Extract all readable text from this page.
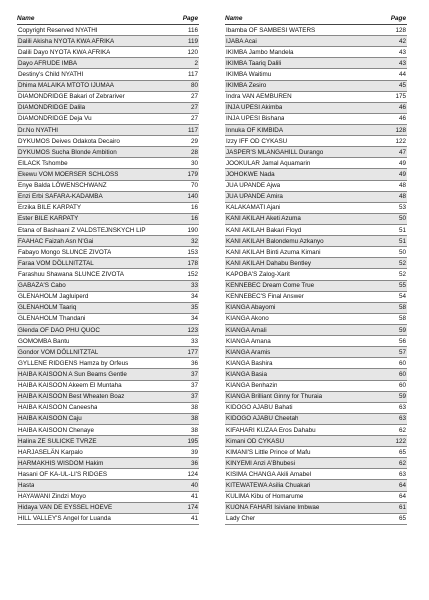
Name	Page
Copyright Reserved NYATHI	116
Dalili Akisha NYOTA KWA AFRIKA	119
Dalili Dayo NYOTA KWA AFRIKA	120
Dayo AFRUDE IMBA	2
Destiny's Child NYATHI	117
Dhima MALAIKA MTOTO IJUMAA	80
DIAMONDRIDGE Bakari of Zebrariver	27
DIAMONDRIDGE Dalila	27
DIAMONDRIDGE Deja Vu	27
Dr.No NYATHI	117
DYKUMOS Deives Odakota Decairo	29
DYKUMOS Sucha Blonde Ambition	28
EILACK Tshombe	30
Ekewu VOM MOERSER SCHLOSS	179
Enye Balda LÖWENSCHWANZ	70
Enzi Erbi SAFARA-KADAMBA	140
Erzika BILE KARPATY	16
Ester BILE KARPATY	16
Etana of Bashaani Z VALDSTEJNSKYCH LIP	190
FAAHAC Faizah Asn N'Gai	32
Fabayo Mongo SLUNCE ZIVOTA	153
Faraa VOM DÖLLNITZTAL	178
Farashuu Shawana SLUNCE ZIVOTA	152
GABAZA'S Cabo	33
GLENAHOLM Jagluiperd	34
GLENAHOLM Taariq	35
GLENAHOLM Thandani	34
Glenda OF DAO PHU QUOC	123
GOMOMBA Bantu	33
Gondor VOM DÖLLNITZTAL	177
GYLLENE RIDGENS Hamza by Orfeus	36
HAIBA KAISOON A Sun Beams Gentle	37
HAIBA KAISOON Akeem El Muntaha	37
HAIBA KAISOON Best Wheaten Boaz	37
HAIBA KAISOON Caneesha	38
HAIBA KAISOON Caju	38
HAIBA KAISOON Chenaye	38
Halina ZE SULICKE TVRZE	195
HARJASELÄN Karpalo	39
HARMAKHIS WISDOM Hakim	36
Hasani OF KA-UL-LI'S RIDGES	124
Hasta	40
HAYAWANI Zindzi Moyo	41
Hidaya VAN DE EYSSEL HOEVE	174
HILL VALLEY'S Angel for Luanda	41
Name	Page
Ibamba OF SAMBESI WATERS	128
IJABA Acai	42
IKIMBA Jambo Mandela	43
IKIMBA Taariq Dalili	43
IKIMBA Waitimu	44
IKIMBA Zesiro	45
Indra VAN AEMBUREN	175
INJA UPESI Akimba	46
INJA UPESI Bishana	46
Innuka OF KIMBIDA	128
Izzy IFF OD CYKASU	122
JASPER'S MLANGAHILL Durango	47
JOOKULAR Jamal Aquamarin	49
JOHOKWE Nada	49
JUA UPANDE Ajwa	48
JUA UPANDE Amira	48
KALAKAMATI Ajani	53
KANI AKILAH Aketi Azuma	50
KANI AKILAH Bakari Floyd	51
KANI AKILAH Balondemu Azkanyo	51
KANI AKILAH Binti Azuma Kimani	50
KANI AKILAH Dahabu Bentley	52
KAPOBA'S Zalog-Xarit	52
KENNEBEC Dream Come True	55
KENNEBEC'S Final Answer	54
KIANGA Abayomi	58
KIANGA Akono	58
KIANGA Amali	59
KIANGA Amana	56
KIANGA Aramis	57
KIANGA Bashira	60
KIANGA Basia	60
KIANGA Benhazin	60
KIANGA Brilliant Ginny for Thuraia	59
KIDOGO AJABU Bahati	63
KIDOGO AJABU Cheetah	63
KIFAHARI KUZAA Eros Dahabu	62
Kimani OD CYKASU	122
KIMANI'S Little Prince of Mafu	65
KINYEMI Anzi A'Bhubesi	62
KISIMA CHANGA Akili Amabel	63
KITEWATEWA Asilia Chuakari	64
KULIMA Kibu of Homarume	64
KUONA FAHARI Isiviane Imbwae	61
Lady Cher	65
